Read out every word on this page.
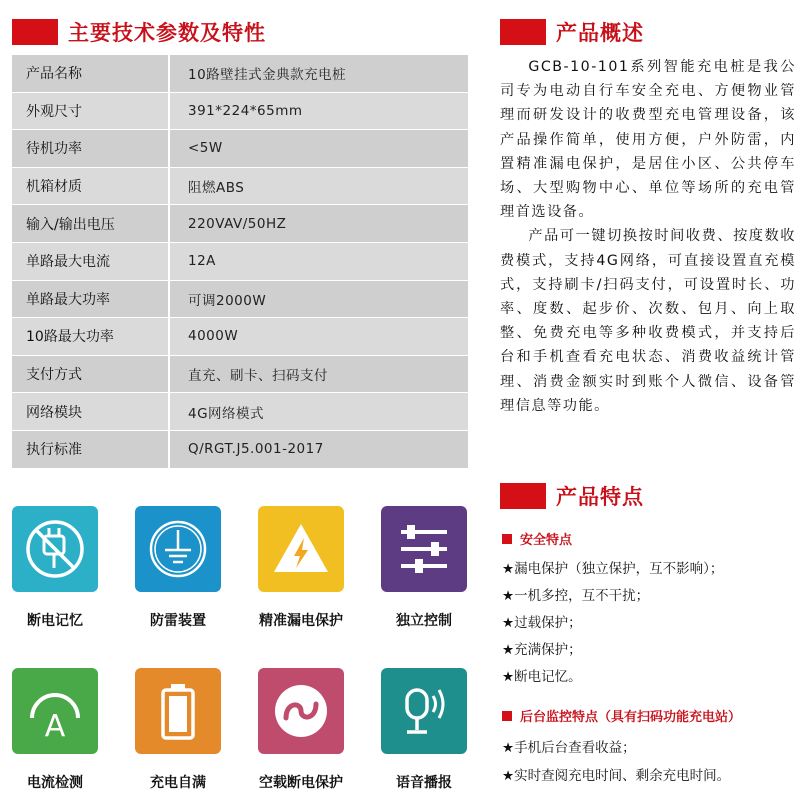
主要技术参数及特性
产品名称	10路壁挂式金典款充电桩
外观尺寸	391*224*65mm
待机功率	<5W
机箱材质	阻燃ABS
输入/输出电压	220VAV/50HZ
单路最大电流	12A
单路最大功率	可调2000W
10路最大功率	4000W
支付方式	直充、刷卡、扫码支付
网络模块	4G网络模式
执行标准	Q/RGT.J5.001-2017
产品概述

GCB-10-101系列智能充电桩是我公司专为电动自行车安全充电、方便物业管理而研发设计的收费型充电管理设备，该产品操作简单，使用方便，户外防雷，内置精准漏电保护，是居住小区、公共停车场、大型购物中心、单位等场所的充电管理首选设备。

产品可一键切换按时间收费、按度数收费模式，支持4G网络，可直接设置直充模式，支持刷卡/扫码支付，可设置时长、功率、度数、起步价、次数、包月、向上取整、免费充电等多种收费模式，并支持后台和手机查看充电状态、消费收益统计管理、消费金额实时到账个人微信、设备管理信息等功能。

断电记忆	防雷装置	精准漏电保护	独立控制
A
电流检测	充电自满	空载断电保护	语音播报
产品特点
安全特点
★漏电保护（独立保护，互不影响）；
★一机多控，互不干扰；
★过载保护；
★充满保护；
★断电记忆。
后台监控特点（具有扫码功能充电站）
★手机后台查看收益；
★实时查阅充电时间、剩余充电时间。
